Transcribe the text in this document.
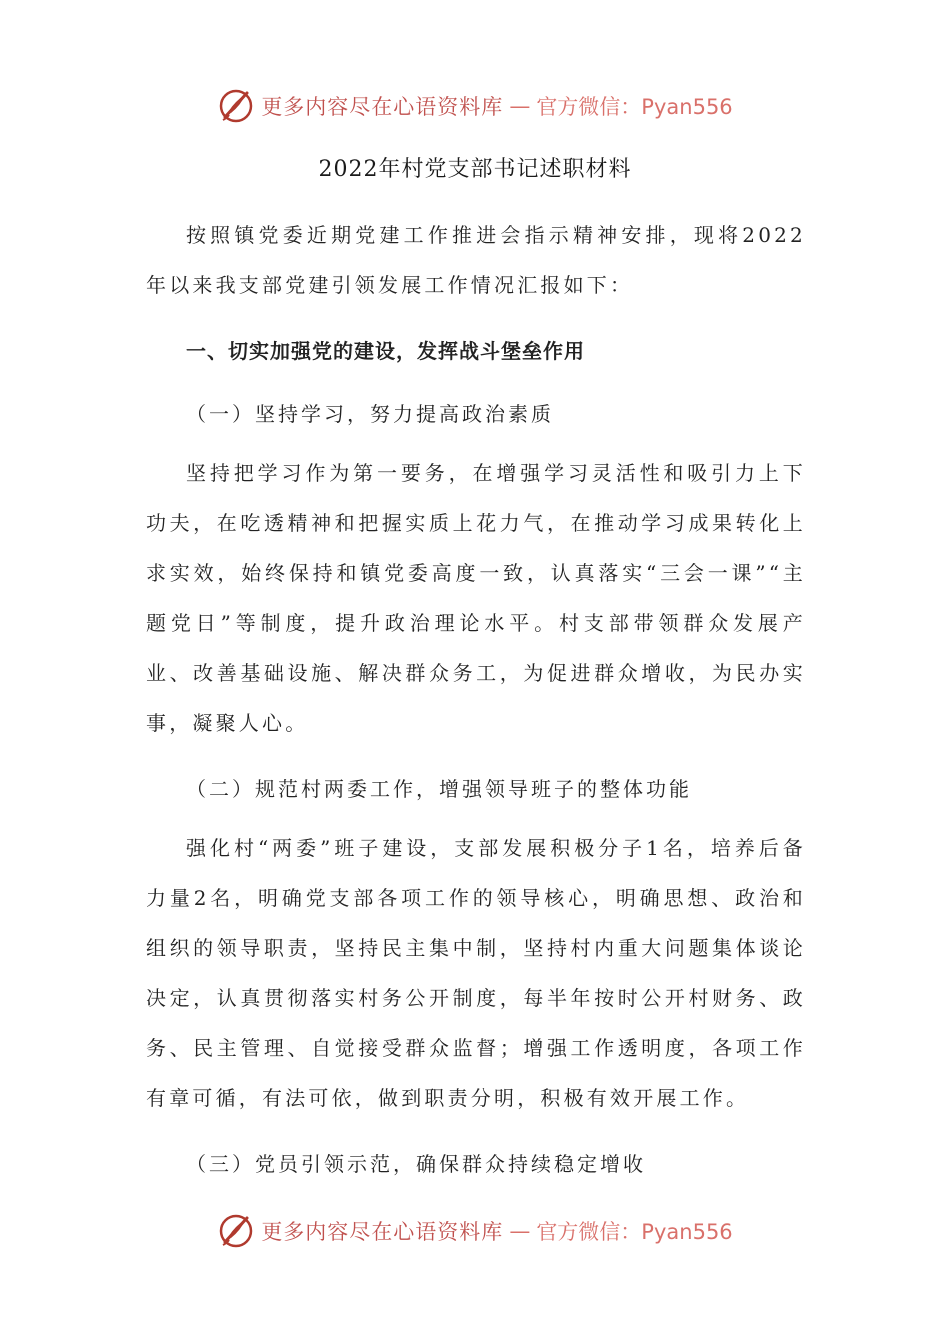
更多内容尽在心语资料库 — 官方微信：Pyan556
2022年村党支部书记述职材料

按照镇党委近期党建工作推进会指示精神安排，现将2022年以来我支部党建引领发展工作情况汇报如下：

一、切实加强党的建设，发挥战斗堡垒作用

（一）坚持学习，努力提高政治素质

坚持把学习作为第一要务，在增强学习灵活性和吸引力上下功夫，在吃透精神和把握实质上花力气，在推动学习成果转化上求实效，始终保持和镇党委高度一致，认真落实“三会一课”“主题党日”等制度，提升政治理论水平。村支部带领群众发展产业、改善基础设施、解决群众务工，为促进群众增收，为民办实事，凝聚人心。

（二）规范村两委工作，增强领导班子的整体功能

强化村“两委”班子建设，支部发展积极分子1名，培养后备力量2名，明确党支部各项工作的领导核心，明确思想、政治和组织的领导职责，坚持民主集中制，坚持村内重大问题集体谈论决定，认真贯彻落实村务公开制度，每半年按时公开村财务、政务、民主管理、自觉接受群众监督；增强工作透明度，各项工作有章可循，有法可依，做到职责分明，积极有效开展工作。

（三）党员引领示范，确保群众持续稳定增收

更多内容尽在心语资料库 — 官方微信：Pyan556
